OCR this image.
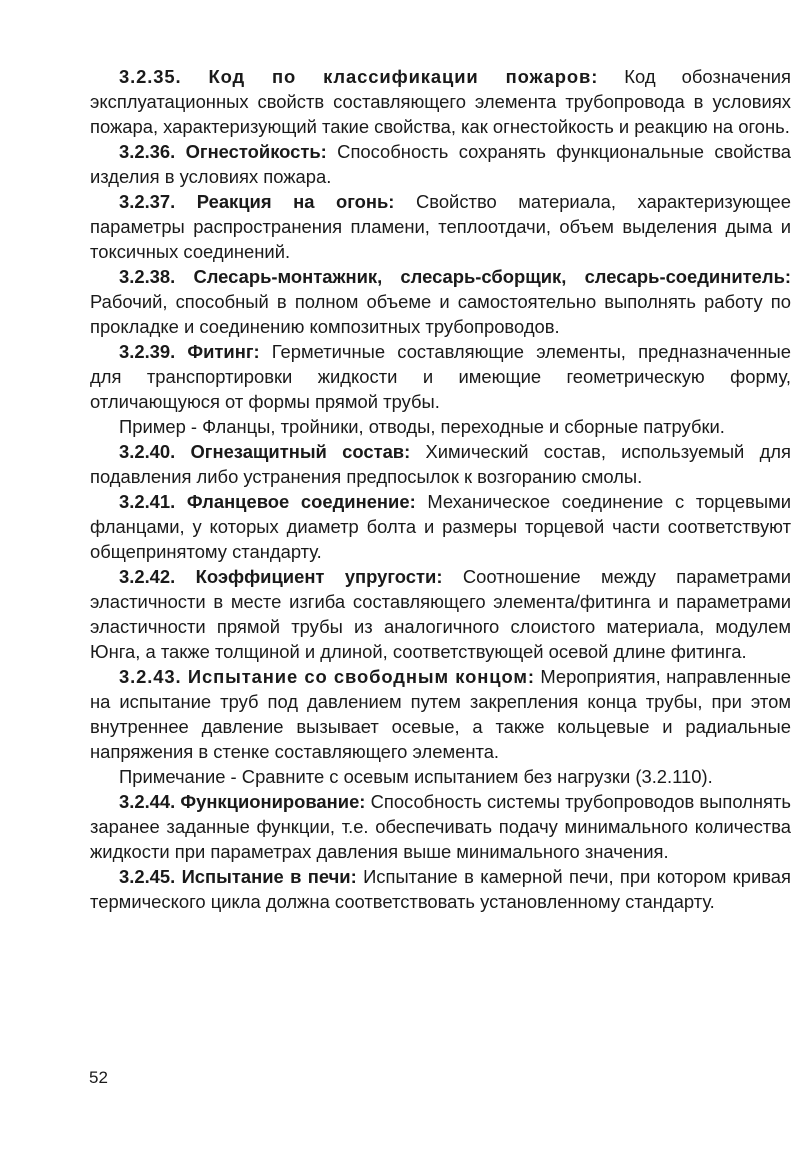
3.2.35. Код по классификации пожаров: Код обозначения эксплуатационных свойств составляющего элемента трубопровода в условиях пожара, характеризующий такие свойства, как огнестойкость и реакцию на огонь.

3.2.36. Огнестойкость: Способность сохранять функциональные свойства изделия в условиях пожара.

3.2.37. Реакция на огонь: Свойство материала, характеризующее параметры распространения пламени, теплоотдачи, объем выделения дыма и токсичных соединений.

3.2.38. Слесарь-монтажник, слесарь-сборщик, слесарь-соединитель: Рабочий, способный в полном объеме и самостоятельно выполнять работу по прокладке и соединению композитных трубопроводов.

3.2.39. Фитинг: Герметичные составляющие элементы, предназначенные для транспортировки жидкости и имеющие геометрическую форму, отличающуюся от формы прямой трубы.

Пример - Фланцы, тройники, отводы, переходные и сборные патрубки.

3.2.40. Огнезащитный состав: Химический состав, используемый для подавления либо устранения предпосылок к возгоранию смолы.

3.2.41. Фланцевое соединение: Механическое соединение с торцевыми фланцами, у которых диаметр болта и размеры торцевой части соответствуют общепринятому стандарту.

3.2.42. Коэффициент упругости: Соотношение между параметрами эластичности в месте изгиба составляющего элемента/фитинга и параметрами эластичности прямой трубы из аналогичного слоистого материала, модулем Юнга, а также толщиной и длиной, соответствующей осевой длине фитинга.

3.2.43. Испытание со свободным концом: Мероприятия, направленные на испытание труб под давлением путем закрепления конца трубы, при этом внутреннее давление вызывает осевые, а также кольцевые и радиальные напряжения в стенке составляющего элемента.

Примечание - Сравните с осевым испытанием без нагрузки (3.2.110).

3.2.44. Функционирование: Способность системы трубопроводов выполнять заранее заданные функции, т.е. обеспечивать подачу минимального количества жидкости при параметрах давления выше минимального значения.

3.2.45. Испытание в печи: Испытание в камерной печи, при котором кривая термического цикла должна соответствовать установленному стандарту.

52
